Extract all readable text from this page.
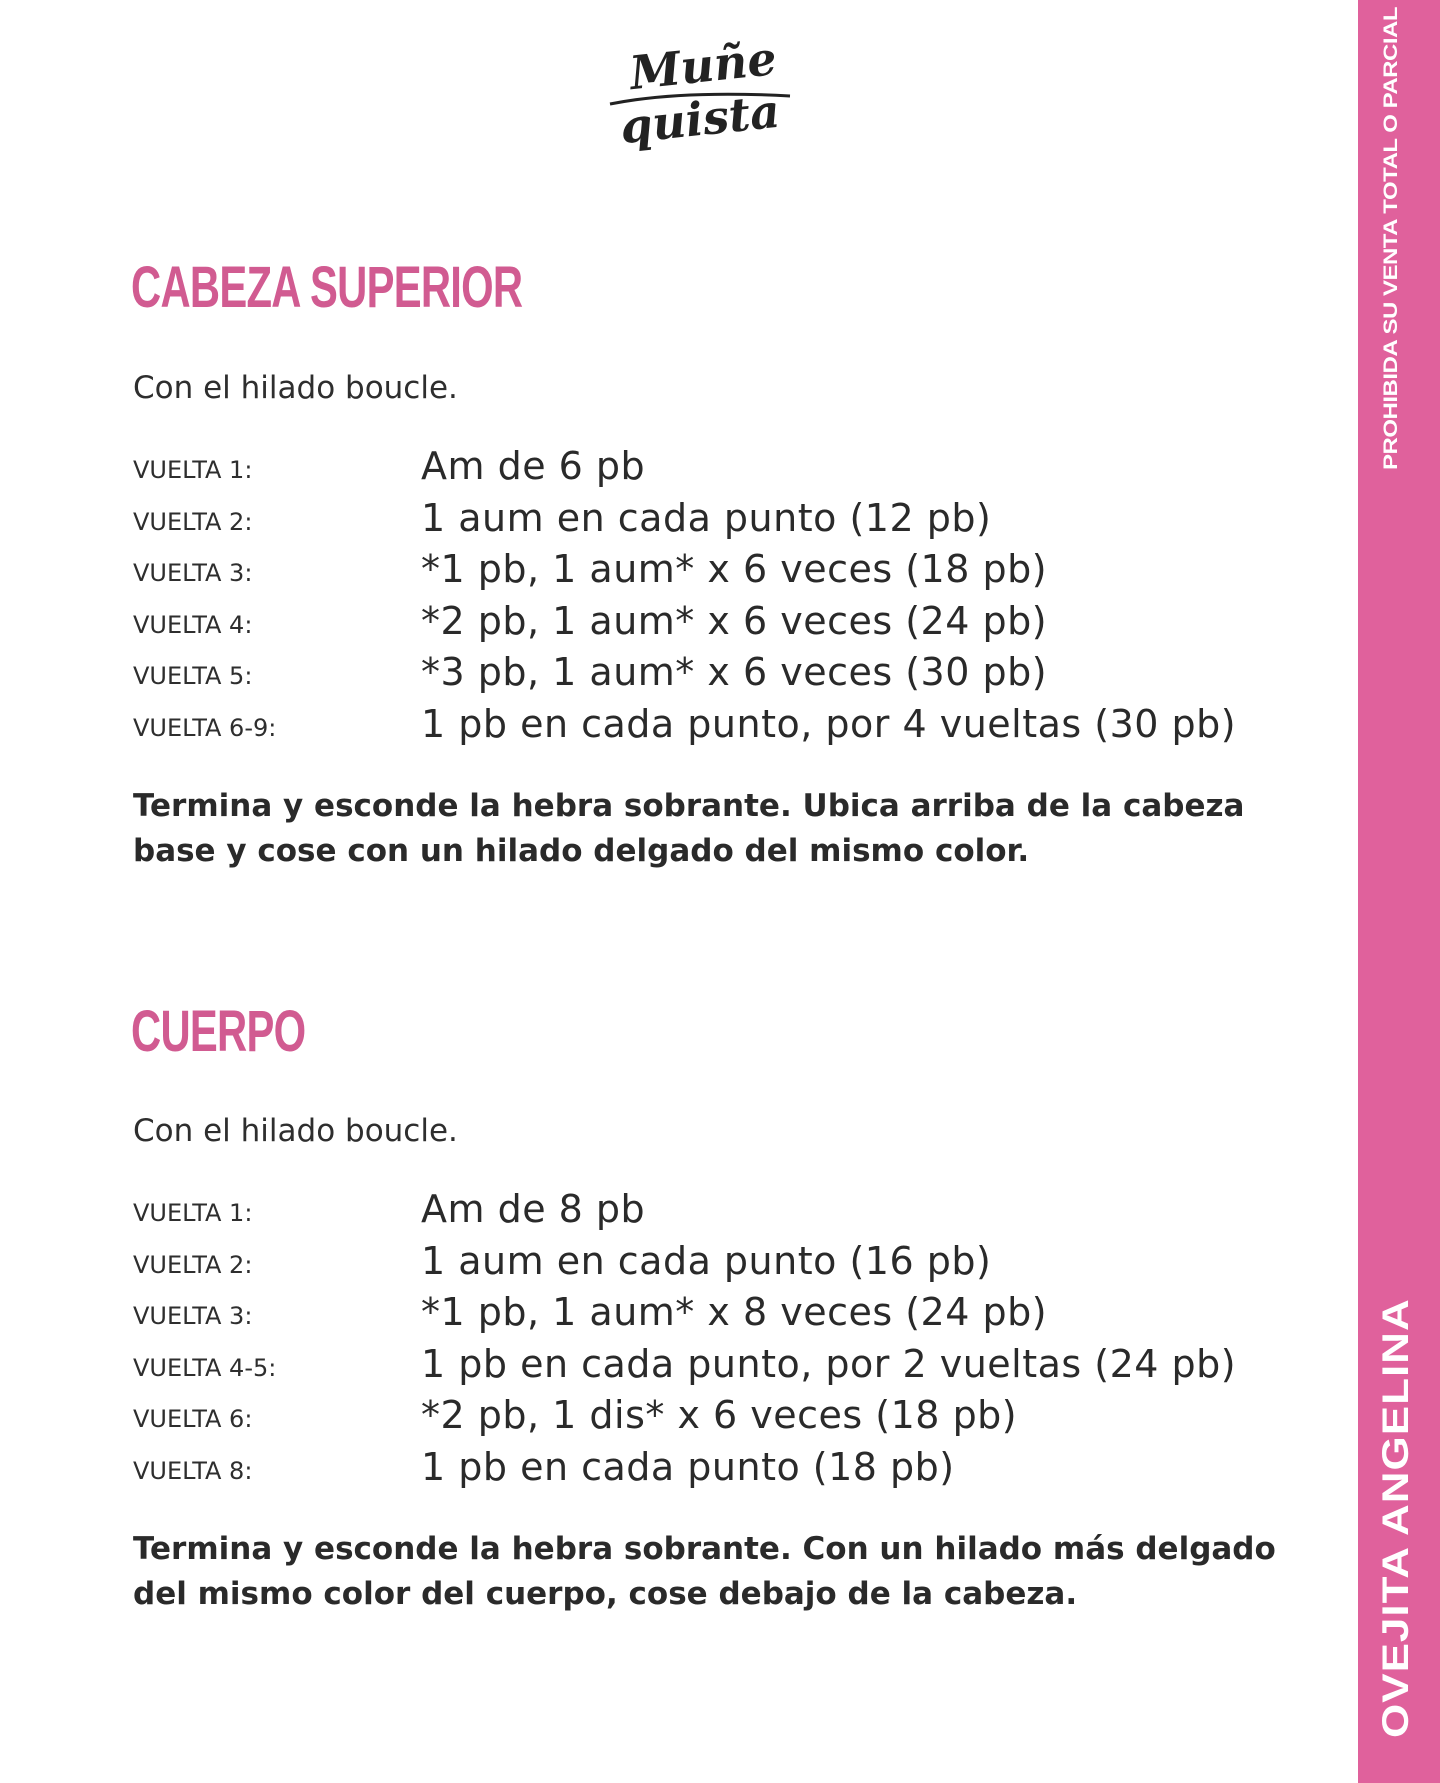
Muñe
quista	PROHIBIDA SU VENTA TOTAL O PARCIAL
OVEJITA ANGELINA
CABEZA SUPERIOR

Con el hilado boucle.

VUELTA 1:	Am de 6 pb
VUELTA 2:	1 aum en cada punto (12 pb)
VUELTA 3:	*1 pb, 1 aum* x 6 veces (18 pb)
VUELTA 4:	*2 pb, 1 aum* x 6 veces (24 pb)
VUELTA 5:	*3 pb, 1 aum* x 6 veces (30 pb)
VUELTA 6-9:	1 pb en cada punto, por 4 vueltas (30 pb)

Termina y esconde la hebra sobrante. Ubica arriba de la cabeza base y cose con un hilado delgado del mismo color.

CUERPO

Con el hilado boucle.

VUELTA 1:	Am de 8 pb
VUELTA 2:	1 aum en cada punto (16 pb)
VUELTA 3:	*1 pb, 1 aum* x 8 veces (24 pb)
VUELTA 4-5:	1 pb en cada punto, por 2 vueltas (24 pb)
VUELTA 6:	*2 pb, 1 dis* x 6 veces (18 pb)
VUELTA 8:	1 pb en cada punto (18 pb)

Termina y esconde la hebra sobrante. Con un hilado más delgado del mismo color del cuerpo, cose debajo de la cabeza.
